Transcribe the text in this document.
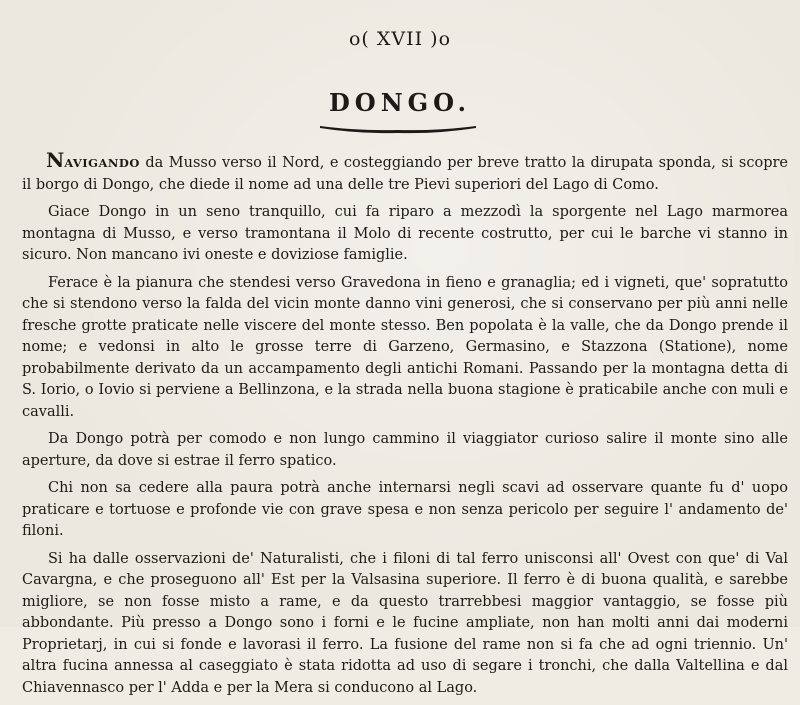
o( XVII )o
DONGO.

NAVIGANDO da Musso verso il Nord, e costeggiando per breve tratto la dirupata sponda, si scopre il borgo di Dongo, che diede il nome ad una delle tre Pievi superiori del Lago di Como.

Giace Dongo in un seno tranquillo, cui fa riparo a mezzodì la sporgente nel Lago marmorea montagna di Musso, e verso tramontana il Molo di recente costrutto, per cui le barche vi stanno in sicuro. Non mancano ivi oneste e doviziose famiglie.

Ferace è la pianura che stendesi verso Gravedona in fieno e granaglia; ed i vigneti, que' sopratutto che si stendono verso la falda del vicin monte danno vini generosi, che si conservano per più anni nelle fresche grotte praticate nelle viscere del monte stesso. Ben popolata è la valle, che da Dongo prende il nome; e vedonsi in alto le grosse terre di Garzeno, Germasino, e Stazzona (Statione), nome probabilmente derivato da un accampamento degli antichi Romani. Passando per la montagna detta di S. Iorio, o Iovio si perviene a Bellinzona, e la strada nella buona stagione è praticabile anche con muli e cavalli.

Da Dongo potrà per comodo e non lungo cammino il viaggiator curioso salire il monte sino alle aperture, da dove si estrae il ferro spatico.

Chi non sa cedere alla paura potrà anche internarsi negli scavi ad osservare quante fu d' uopo praticare e tortuose e profonde vie con grave spesa e non senza pericolo per seguire l' andamento de' filoni.

Si ha dalle osservazioni de' Naturalisti, che i filoni di tal ferro unisconsi all' Ovest con que' di Val Cavargna, e che proseguono all' Est per la Valsasina superiore. Il ferro è di buona qualità, e sarebbe migliore, se non fosse misto a rame, e da questo trarrebbesi maggior vantaggio, se fosse più abbondante. Più presso a Dongo sono i forni e le fucine ampliate, non han molti anni dai moderni Proprietarj, in cui si fonde e lavorasi il ferro. La fusione del rame non si fa che ad ogni triennio. Un' altra fucina annessa al caseggiato è stata ridotta ad uso di segare i tronchi, che dalla Valtellina e dal Chiavennasco per l' Adda e per la Mera si conducono al Lago.
